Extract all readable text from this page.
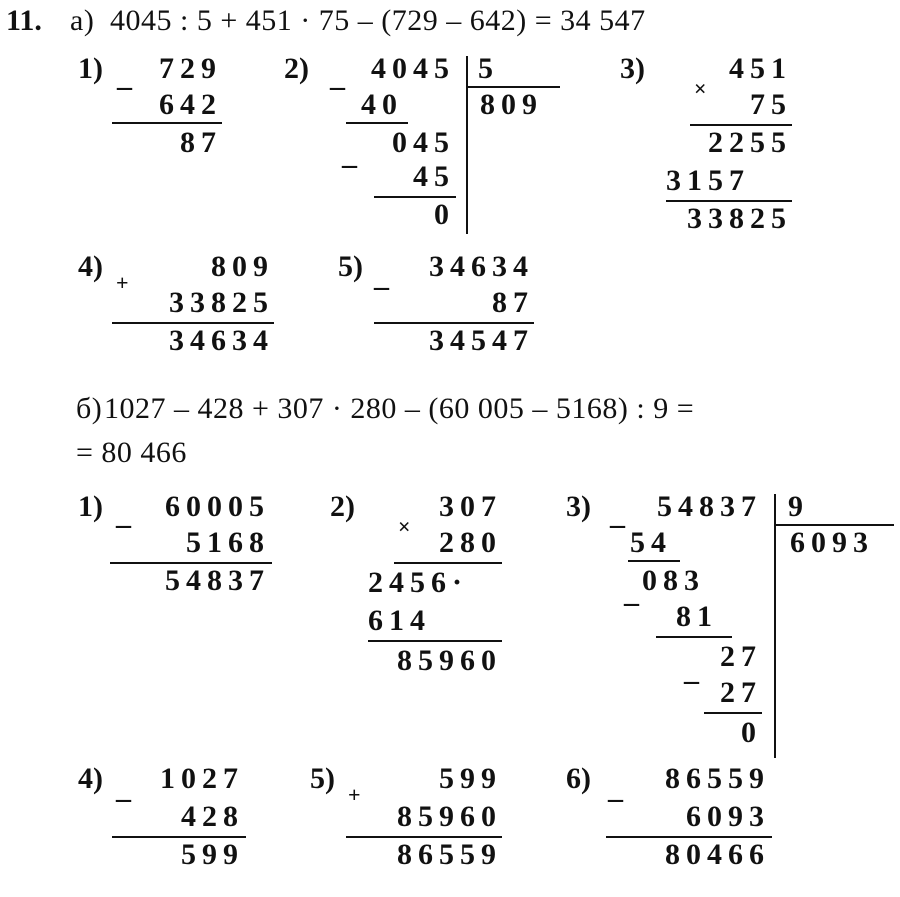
11. а) 4045 : 5 + 451 · 75 – (729 – 642) = 34 547
1) _ 729
642
87
2) _ 4045 5
809
40
_ 045
45
0
3)
×
451
75
2255
3157
33825
4) +	809
33825
34634
5) _ 34634
87
34547
б) 1027 – 428 + 307 · 280 – (60 005 – 5168) : 9 =
= 80 466
1) _ 60005
5168
54837
2)
×
307
280
2456·
614
85960
3) _ 54837 9
6093
54
_ 083
81
_ 27
27
0
4) _ 1027
428
599
5) +	599
85960
86559
6) _ 86559
6093
80466
